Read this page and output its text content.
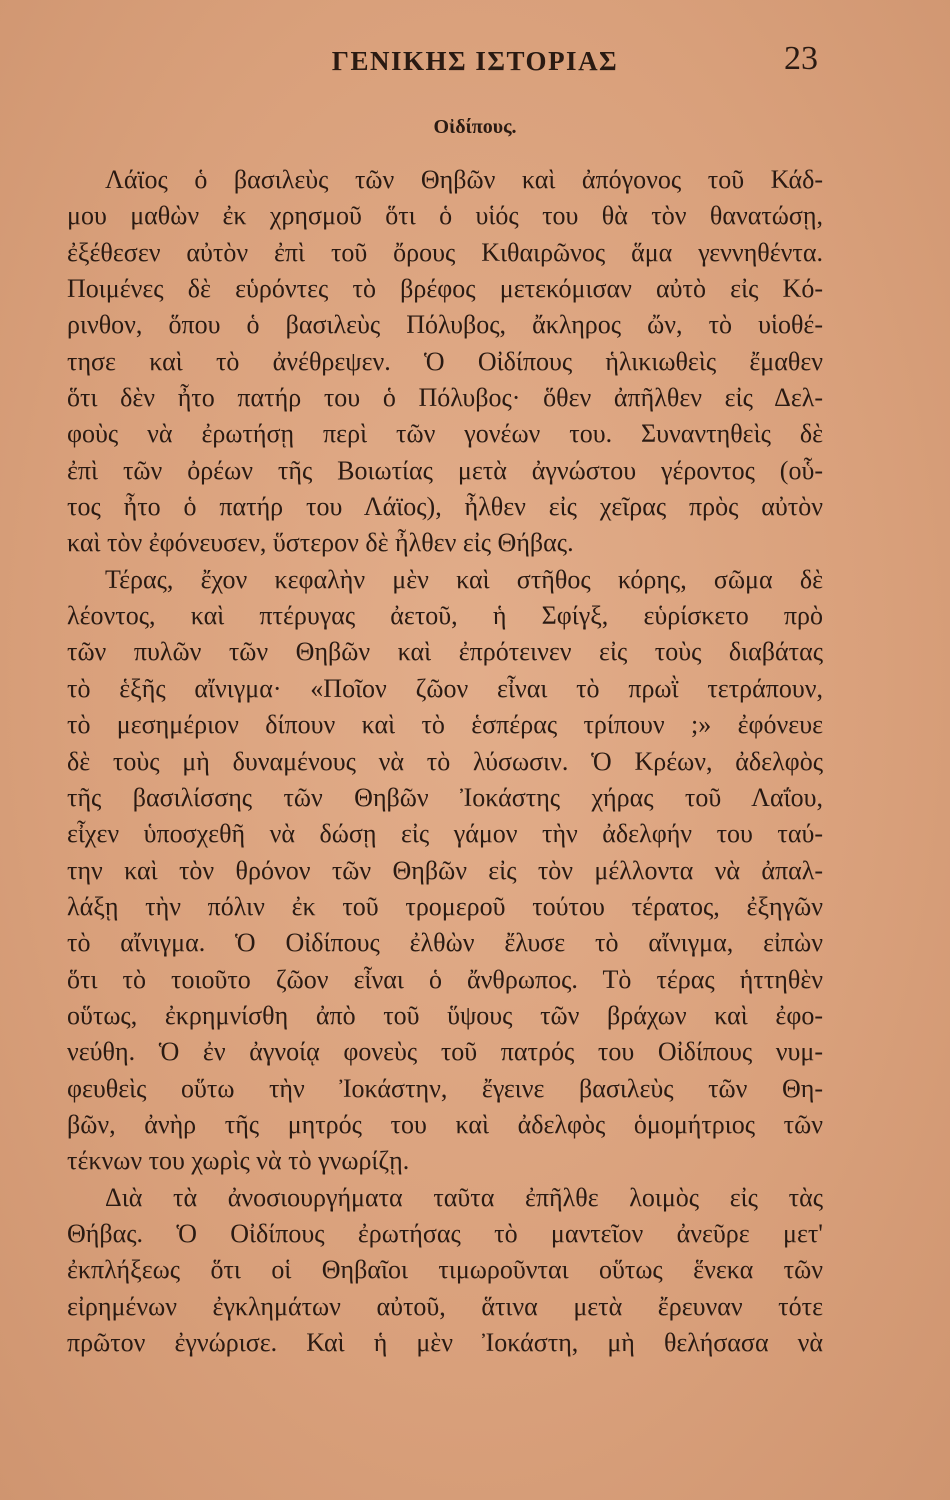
ΓΕΝΙΚΗΣ ΙΣΤΟΡΙΑΣ	23
Οἰδίπους.
Λάϊος ὁ βασιλεὺς τῶν Θηβῶν καὶ ἀπόγονος τοῦ Κάδ-
μου μαθὼν ἐκ χρησμοῦ ὅτι ὁ υἱός του θὰ τὸν θανατώσῃ,
ἐξέθεσεν αὐτὸν ἐπὶ τοῦ ὄρους Κιθαιρῶνος ἅμα γεννηθέντα.
Ποιμένες δὲ εὑρόντες τὸ βρέφος μετεκόμισαν αὐτὸ εἰς Κό-
ρινθον, ὅπου ὁ βασιλεὺς Πόλυβος, ἄκληρος ὤν, τὸ υἱοθέ-
τησε καὶ τὸ ἀνέθρεψεν. Ὁ Οἰδίπους ἡλικιωθεὶς ἔμαθεν
ὅτι δὲν ἦτο πατήρ του ὁ Πόλυβος· ὅθεν ἀπῆλθεν εἰς Δελ-
φοὺς νὰ ἐρωτήσῃ περὶ τῶν γονέων του. Συναντηθεὶς δὲ
ἐπὶ τῶν ὀρέων τῆς Βοιωτίας μετὰ ἀγνώστου γέροντος (οὗ-
τος ἦτο ὁ πατήρ του Λάϊος), ἦλθεν εἰς χεῖρας πρὸς αὐτὸν
καὶ τὸν ἐφόνευσεν, ὕστερον δὲ ἦλθεν εἰς Θήβας.
Τέρας, ἔχον κεφαλὴν μὲν καὶ στῆθος κόρης, σῶμα δὲ
λέοντος, καὶ πτέρυγας ἀετοῦ, ἡ Σφίγξ, εὑρίσκετο πρὸ
τῶν πυλῶν τῶν Θηβῶν καὶ ἐπρότεινεν εἰς τοὺς διαβάτας
τὸ ἑξῆς αἴνιγμα· «Ποῖον ζῶον εἶναι τὸ πρωῒ τετράπουν,
τὸ μεσημέριον δίπουν καὶ τὸ ἑσπέρας τρίπουν ;» ἐφόνευε
δὲ τοὺς μὴ δυναμένους νὰ τὸ λύσωσιν. Ὁ Κρέων, ἀδελφὸς
τῆς βασιλίσσης τῶν Θηβῶν Ἰοκάστης χήρας τοῦ Λαΐου,
εἶχεν ὑποσχεθῆ νὰ δώσῃ εἰς γάμον τὴν ἀδελφήν του ταύ-
την καὶ τὸν θρόνον τῶν Θηβῶν εἰς τὸν μέλλοντα νὰ ἀπαλ-
λάξῃ τὴν πόλιν ἐκ τοῦ τρομεροῦ τούτου τέρατος, ἐξηγῶν
τὸ αἴνιγμα. Ὁ Οἰδίπους ἐλθὼν ἔλυσε τὸ αἴνιγμα, εἰπὼν
ὅτι τὸ τοιοῦτο ζῶον εἶναι ὁ ἄνθρωπος. Τὸ τέρας ἡττηθὲν
οὕτως, ἐκρημνίσθη ἀπὸ τοῦ ὕψους τῶν βράχων καὶ ἐφο-
νεύθη. Ὁ ἐν ἀγνοίᾳ φονεὺς τοῦ πατρός του Οἰδίπους νυμ-
φευθεὶς οὕτω τὴν Ἰοκάστην, ἔγεινε βασιλεὺς τῶν Θη-
βῶν, ἀνὴρ τῆς μητρός του καὶ ἀδελφὸς ὁμομήτριος τῶν
τέκνων του χωρὶς νὰ τὸ γνωρίζῃ.
Διὰ τὰ ἀνοσιουργήματα ταῦτα ἐπῆλθε λοιμὸς εἰς τὰς
Θήβας. Ὁ Οἰδίπους ἐρωτήσας τὸ μαντεῖον ἀνεῦρε μετ'
ἐκπλήξεως ὅτι οἱ Θηβαῖοι τιμωροῦνται οὕτως ἕνεκα τῶν
εἰρημένων ἐγκλημάτων αὐτοῦ, ἅτινα μετὰ ἔρευναν τότε
πρῶτον ἐγνώρισε. Καὶ ἡ μὲν Ἰοκάστη, μὴ θελήσασα νὰ
